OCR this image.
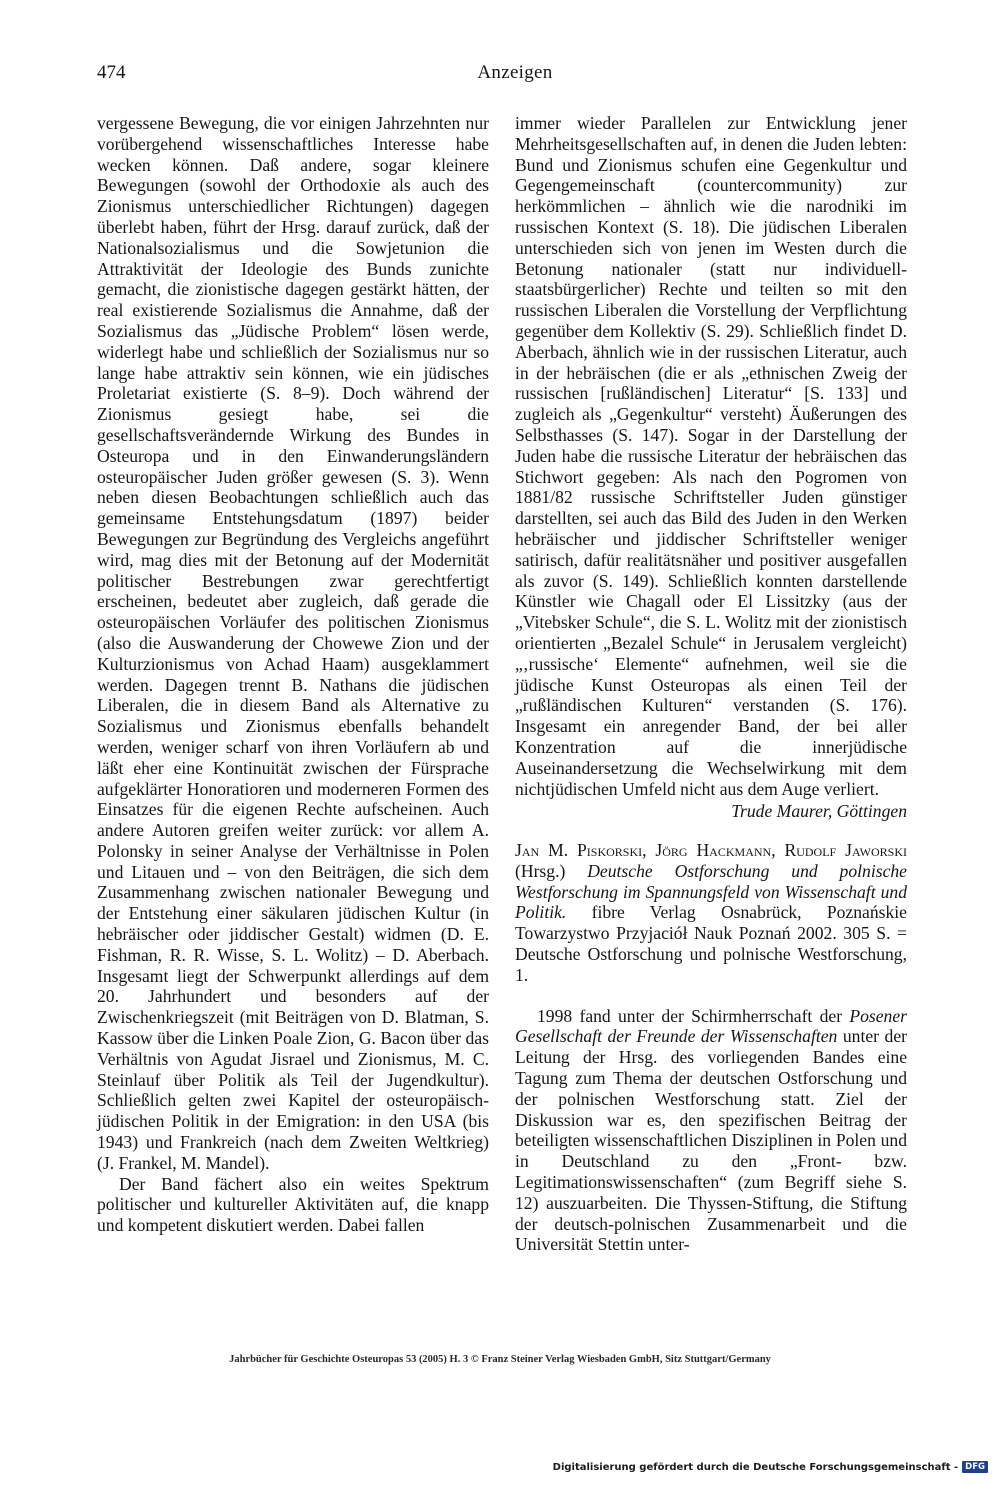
474	Anzeigen

vergessene Bewegung, die vor einigen Jahrzehnten nur vorübergehend wissenschaftliches Interesse habe wecken können. Daß andere, sogar kleinere Bewegungen (sowohl der Orthodoxie als auch des Zionismus unterschiedlicher Richtungen) dagegen überlebt haben, führt der Hrsg. darauf zurück, daß der Nationalsozialismus und die Sowjetunion die Attraktivität der Ideologie des Bunds zunichte gemacht, die zionistische dagegen gestärkt hätten, der real existierende Sozialismus die Annahme, daß der Sozialismus das „Jüdische Problem“ lösen werde, widerlegt habe und schließlich der Sozialismus nur so lange habe attraktiv sein können, wie ein jüdisches Proletariat existierte (S. 8–9). Doch während der Zionismus gesiegt habe, sei die gesellschaftsverändernde Wirkung des Bundes in Osteuropa und in den Einwanderungsländern osteuropäischer Juden größer gewesen (S. 3). Wenn neben diesen Beobachtungen schließlich auch das gemeinsame Entstehungsdatum (1897) beider Bewegungen zur Begründung des Vergleichs angeführt wird, mag dies mit der Betonung auf der Modernität politischer Bestrebungen zwar gerechtfertigt erscheinen, bedeutet aber zugleich, daß gerade die osteuropäischen Vorläufer des politischen Zionismus (also die Auswanderung der Chowewe Zion und der Kulturzionismus von Achad Haam) ausgeklammert werden. Dagegen trennt B. Nathans die jüdischen Liberalen, die in diesem Band als Alternative zu Sozialismus und Zionismus ebenfalls behandelt werden, weniger scharf von ihren Vorläufern ab und läßt eher eine Kontinuität zwischen der Fürsprache aufgeklärter Honoratioren und moderneren Formen des Einsatzes für die eigenen Rechte aufscheinen. Auch andere Autoren greifen weiter zurück: vor allem A. Polonsky in seiner Analyse der Verhältnisse in Polen und Litauen und – von den Beiträgen, die sich dem Zusammenhang zwischen nationaler Bewegung und der Entstehung einer säkularen jüdischen Kultur (in hebräischer oder jiddischer Gestalt) widmen (D. E. Fishman, R. R. Wisse, S. L. Wolitz) – D. Aberbach. Insgesamt liegt der Schwerpunkt allerdings auf dem 20. Jahrhundert und besonders auf der Zwischenkriegszeit (mit Beiträgen von D. Blatman, S. Kassow über die Linken Poale Zion, G. Bacon über das Verhältnis von Agudat Jisrael und Zionismus, M. C. Steinlauf über Politik als Teil der Jugendkultur). Schließlich gelten zwei Kapitel der osteuropäisch-jüdischen Politik in der Emigration: in den USA (bis 1943) und Frankreich (nach dem Zweiten Weltkrieg) (J. Frankel, M. Mandel).

Der Band fächert also ein weites Spektrum politischer und kultureller Aktivitäten auf, die knapp und kompetent diskutiert werden. Dabei fallen

immer wieder Parallelen zur Entwicklung jener Mehrheitsgesellschaften auf, in denen die Juden lebten: Bund und Zionismus schufen eine Gegenkultur und Gegengemeinschaft (countercommunity) zur herkömmlichen – ähnlich wie die narodniki im russischen Kontext (S. 18). Die jüdischen Liberalen unterschieden sich von jenen im Westen durch die Betonung nationaler (statt nur individuell-staatsbürgerlicher) Rechte und teilten so mit den russischen Liberalen die Vorstellung der Verpflichtung gegenüber dem Kollektiv (S. 29). Schließlich findet D. Aberbach, ähnlich wie in der russischen Literatur, auch in der hebräischen (die er als „ethnischen Zweig der russischen [rußländischen] Literatur“ [S. 133] und zugleich als „Gegenkultur“ versteht) Äußerungen des Selbsthasses (S. 147). Sogar in der Darstellung der Juden habe die russische Literatur der hebräischen das Stichwort gegeben: Als nach den Pogromen von 1881/82 russische Schriftsteller Juden günstiger darstellten, sei auch das Bild des Juden in den Werken hebräischer und jiddischer Schriftsteller weniger satirisch, dafür realitätsnäher und positiver ausgefallen als zuvor (S. 149). Schließlich konnten darstellende Künstler wie Chagall oder El Lissitzky (aus der „Vitebsker Schule“, die S. L. Wolitz mit der zionistisch orientierten „Bezalel Schule“ in Jerusalem vergleicht) „‚russische‘ Elemente“ aufnehmen, weil sie die jüdische Kunst Osteuropas als einen Teil der „rußländischen Kulturen“ verstanden (S. 176). Insgesamt ein anregender Band, der bei aller Konzentration auf die innerjüdische Auseinandersetzung die Wechselwirkung mit dem nichtjüdischen Umfeld nicht aus dem Auge verliert.

Trude Maurer, Göttingen

Jan M. Piskorski, Jörg Hackmann, Rudolf Jaworski (Hrsg.) Deutsche Ostforschung und polnische Westforschung im Spannungsfeld von Wissenschaft und Politik. fibre Verlag Osnabrück, Poznańskie Towarzystwo Przyjaciół Nauk Poznań 2002. 305 S. = Deutsche Ostforschung und polnische Westforschung, 1.

1998 fand unter der Schirmherrschaft der Posener Gesellschaft der Freunde der Wissenschaften unter der Leitung der Hrsg. des vorliegenden Bandes eine Tagung zum Thema der deutschen Ostforschung und der polnischen Westforschung statt. Ziel der Diskussion war es, den spezifischen Beitrag der beteiligten wissenschaftlichen Disziplinen in Polen und in Deutschland zu den „Front- bzw. Legitimationswissenschaften“ (zum Begriff siehe S. 12) auszuarbeiten. Die Thyssen-Stiftung, die Stiftung der deutsch-polnischen Zusammenarbeit und die Universität Stettin unter-

Jahrbücher für Geschichte Osteuropas 53 (2005) H. 3 © Franz Steiner Verlag Wiesbaden GmbH, Sitz Stuttgart/Germany
Digitalisierung gefördert durch die Deutsche Forschungsgemeinschaft - DFG
